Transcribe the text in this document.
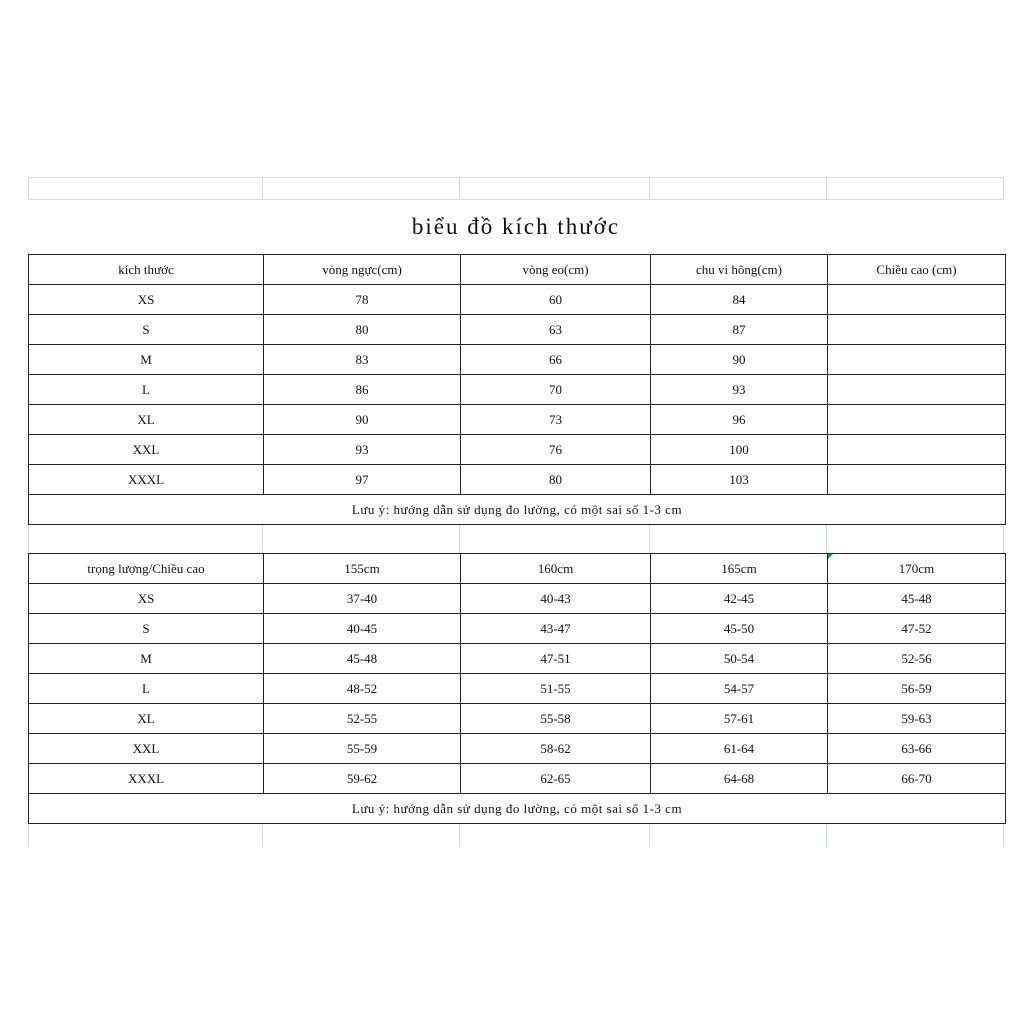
biểu đồ kích thước
kích thước	vòng ngực(cm)	vòng eo(cm)	chu vi hông(cm)	Chiều cao (cm)
XS	78	60	84	
S	80	63	87	
M	83	66	90	
L	86	70	93	
XL	90	73	96	
XXL	93	76	100	
XXXL	97	80	103	
Lưu ý: hướng dẫn sử dụng đo lường, có một sai số 1-3 cm				
trọng lượng/Chiều cao	155cm	160cm	165cm	170cm

XS	37-40	40-43	42-45	45-48
S	40-45	43-47	45-50	47-52
M	45-48	47-51	50-54	52-56
L	48-52	51-55	54-57	56-59
XL	52-55	55-58	57-61	59-63
XXL	55-59	58-62	61-64	63-66
XXXL	59-62	62-65	64-68	66-70
Lưu ý: hướng dẫn sử dụng đo lường, có một sai số 1-3 cm				
